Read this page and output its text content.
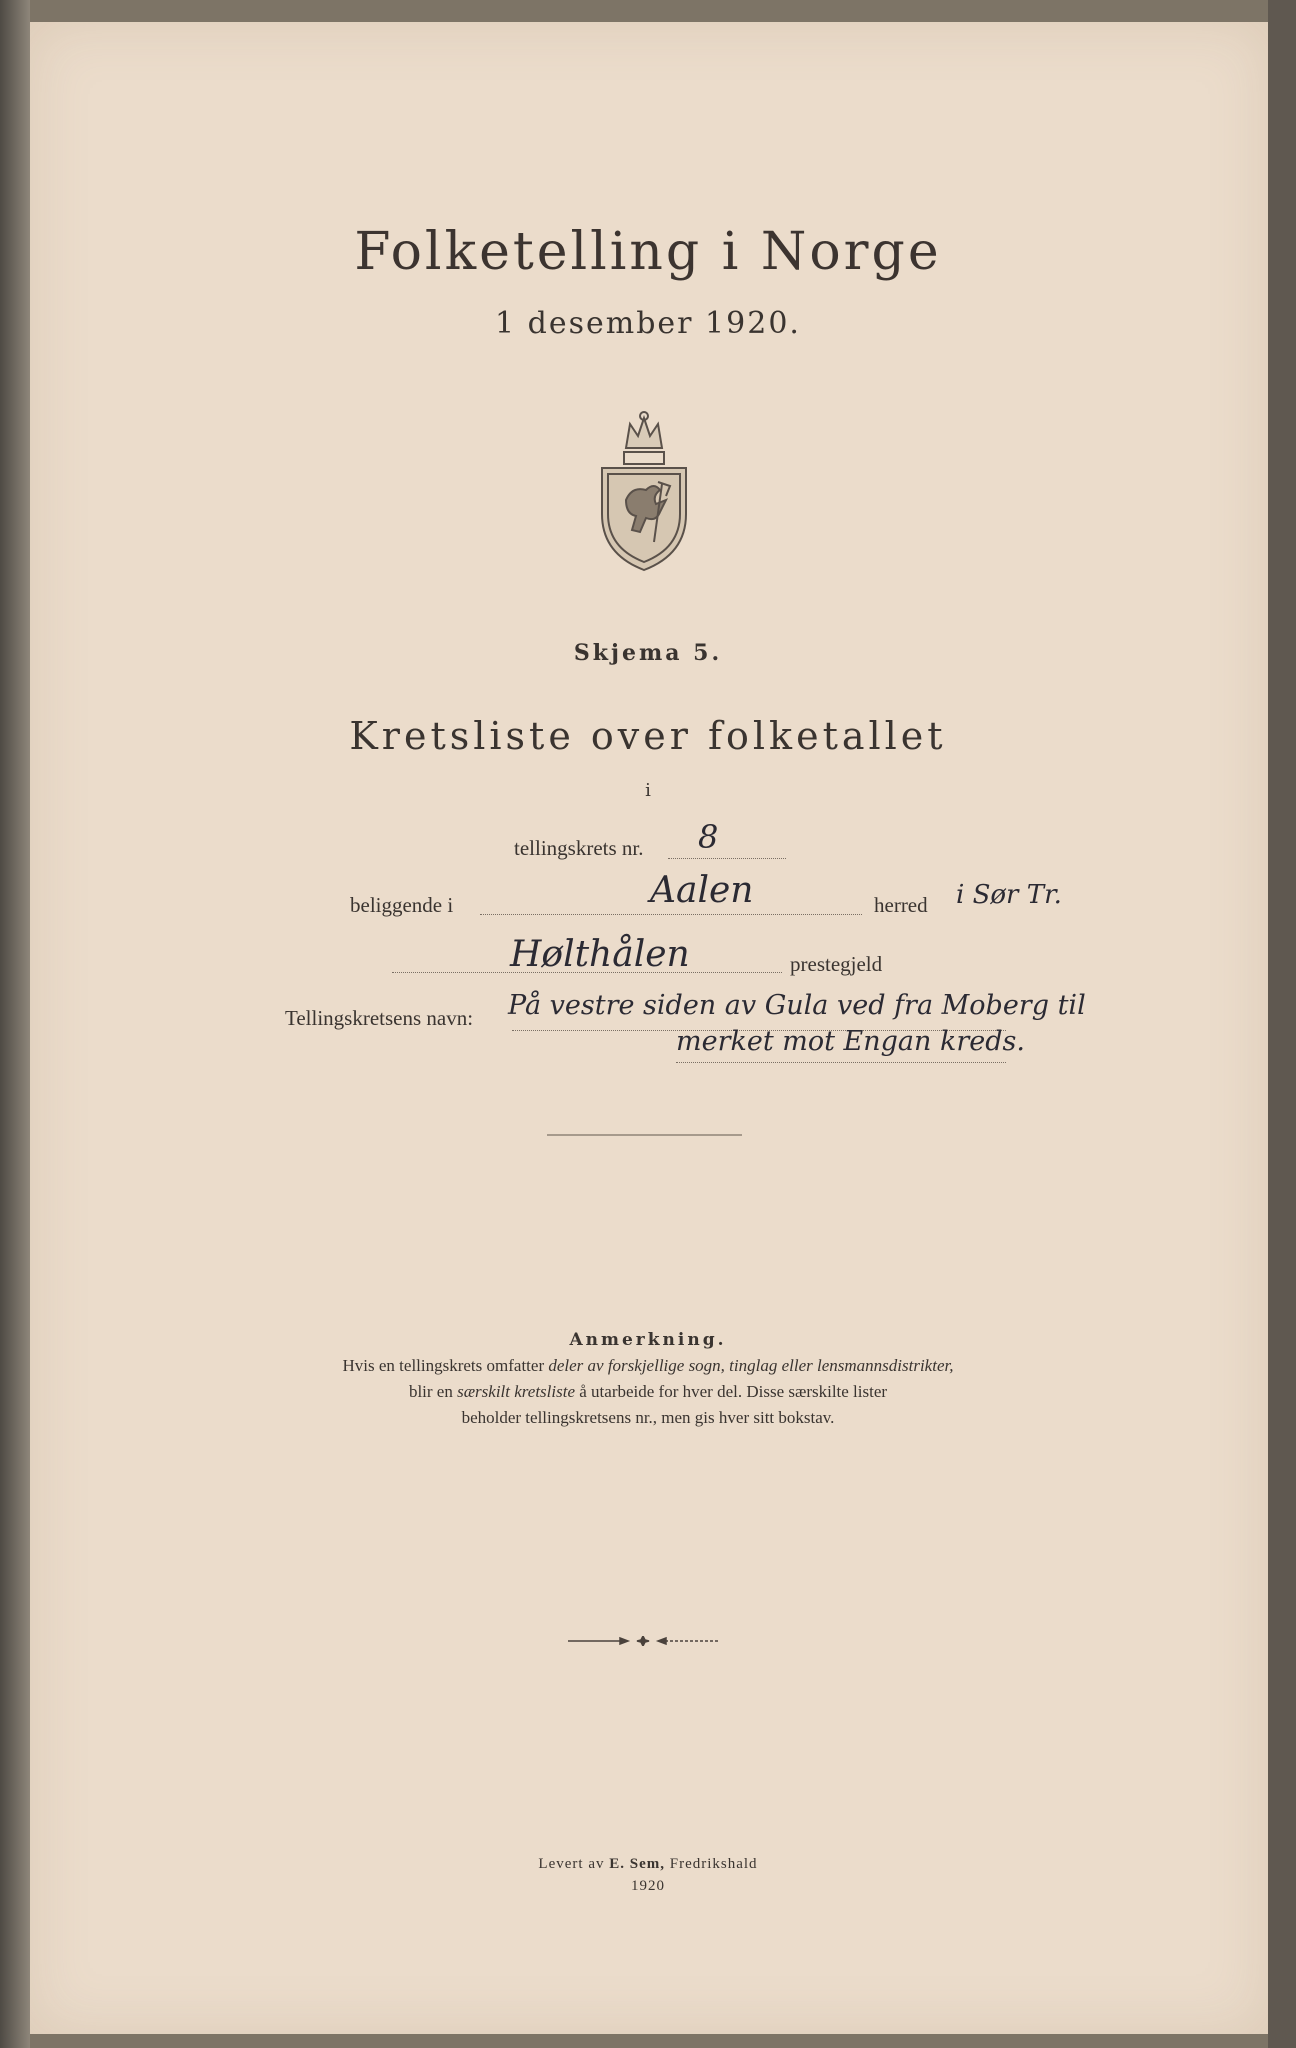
Folketelling i Norge
1 desember 1920.
Skjema 5.
Kretsliste over folketallet
i
tellingskrets nr. 8
beliggende i	Aalen	herred i Sør Tr.
Hølthålen	prestegjeld
Tellingskretsens navn: På vestre siden av Gula ved fra Moberg til
merket mot Engan kreds.
Anmerkning.
Hvis en tellingskrets omfatter deler av forskjellige sogn, tinglag eller lensmannsdistrikter,
blir en særskilt kretsliste å utarbeide for hver del. Disse særskilte lister
beholder tellingskretsens nr., men gis hver sitt bokstav.
Levert av E. Sem, Fredrikshald
1920
